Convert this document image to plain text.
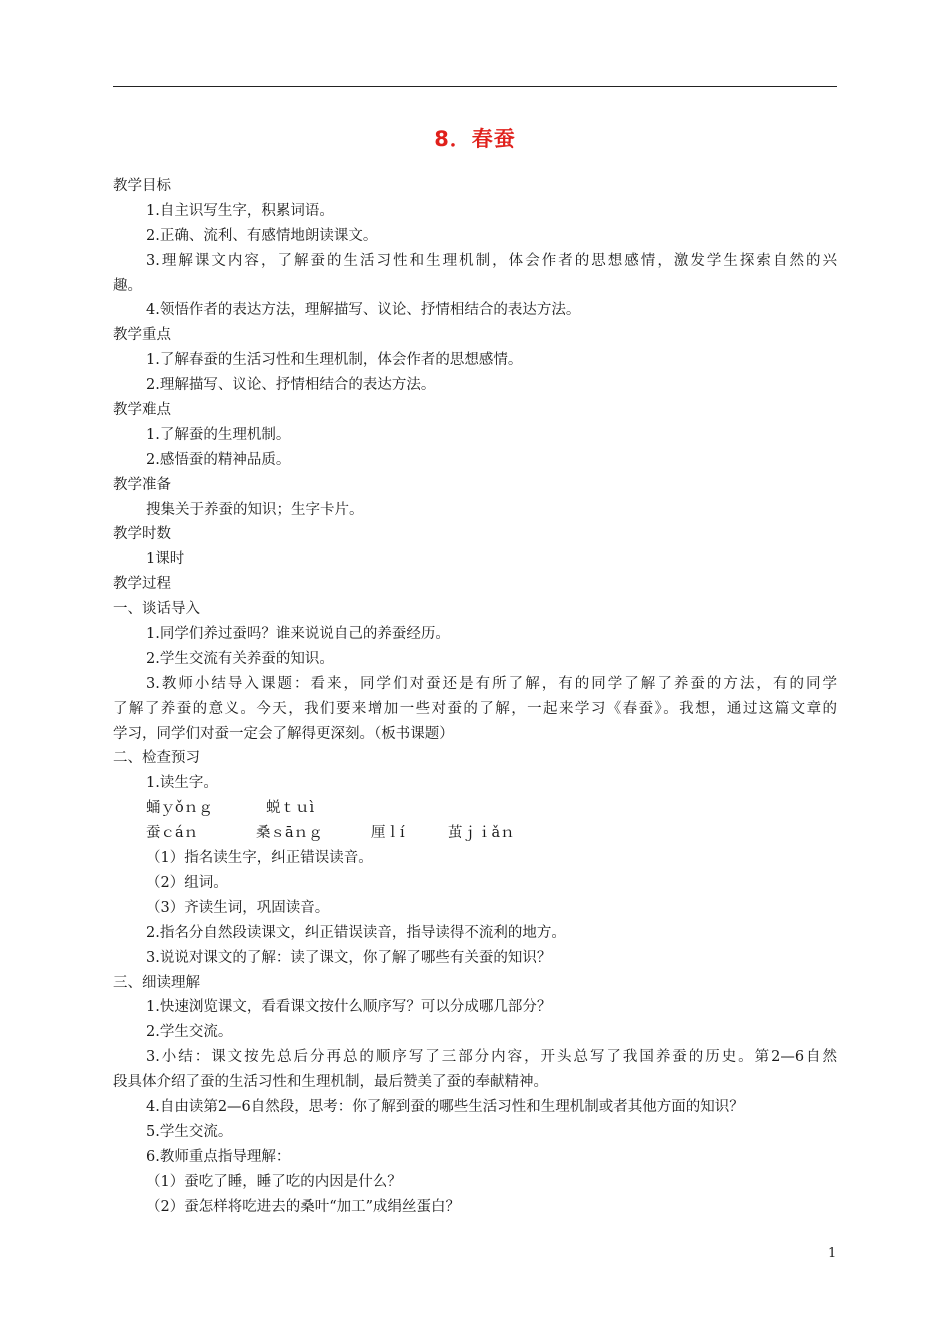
8．春蚕
教学目标
1.自主识写生字，积累词语。
2.正确、流利、有感情地朗读课文。
3.理解课文内容，了解蚕的生活习性和生理机制，体会作者的思想感情，激发学生探索自然的兴
趣。
4.领悟作者的表达方法，理解描写、议论、抒情相结合的表达方法。
教学重点
1.了解春蚕的生活习性和生理机制，体会作者的思想感情。
2.理解描写、议论、抒情相结合的表达方法。
教学难点
1.了解蚕的生理机制。
2.感悟蚕的精神品质。
教学准备
搜集关于养蚕的知识；生字卡片。
教学时数
1课时
教学过程
一、谈话导入
1.同学们养过蚕吗？谁来说说自己的养蚕经历。
2.学生交流有关养蚕的知识。
3.教师小结导入课题：看来，同学们对蚕还是有所了解，有的同学了解了养蚕的方法，有的同学
了解了养蚕的意义。今天，我们要来增加一些对蚕的了解，一起来学习《春蚕》。我想，通过这篇文章的
学习，同学们对蚕一定会了解得更深刻。（板书课题）
二、检查预习
1.读生字。
蛹ｙǒｎｇ	蜕ｔｕì
蚕ｃáｎ	桑ｓāｎｇ	厘ｌí	茧ｊｉǎｎ
（1）指名读生字，纠正错误读音。
（2）组词。
（3）齐读生词，巩固读音。
2.指名分自然段读课文，纠正错误读音，指导读得不流利的地方。
3.说说对课文的了解：读了课文，你了解了哪些有关蚕的知识？
三、细读理解
1.快速浏览课文，看看课文按什么顺序写？可以分成哪几部分？
2.学生交流。
3.小结：课文按先总后分再总的顺序写了三部分内容，开头总写了我国养蚕的历史。第2—6自然
段具体介绍了蚕的生活习性和生理机制，最后赞美了蚕的奉献精神。
4.自由读第2—6自然段，思考：你了解到蚕的哪些生活习性和生理机制或者其他方面的知识？
5.学生交流。
6.教师重点指导理解：
（1）蚕吃了睡，睡了吃的内因是什么？
（2）蚕怎样将吃进去的桑叶“加工”成绢丝蛋白？
1
